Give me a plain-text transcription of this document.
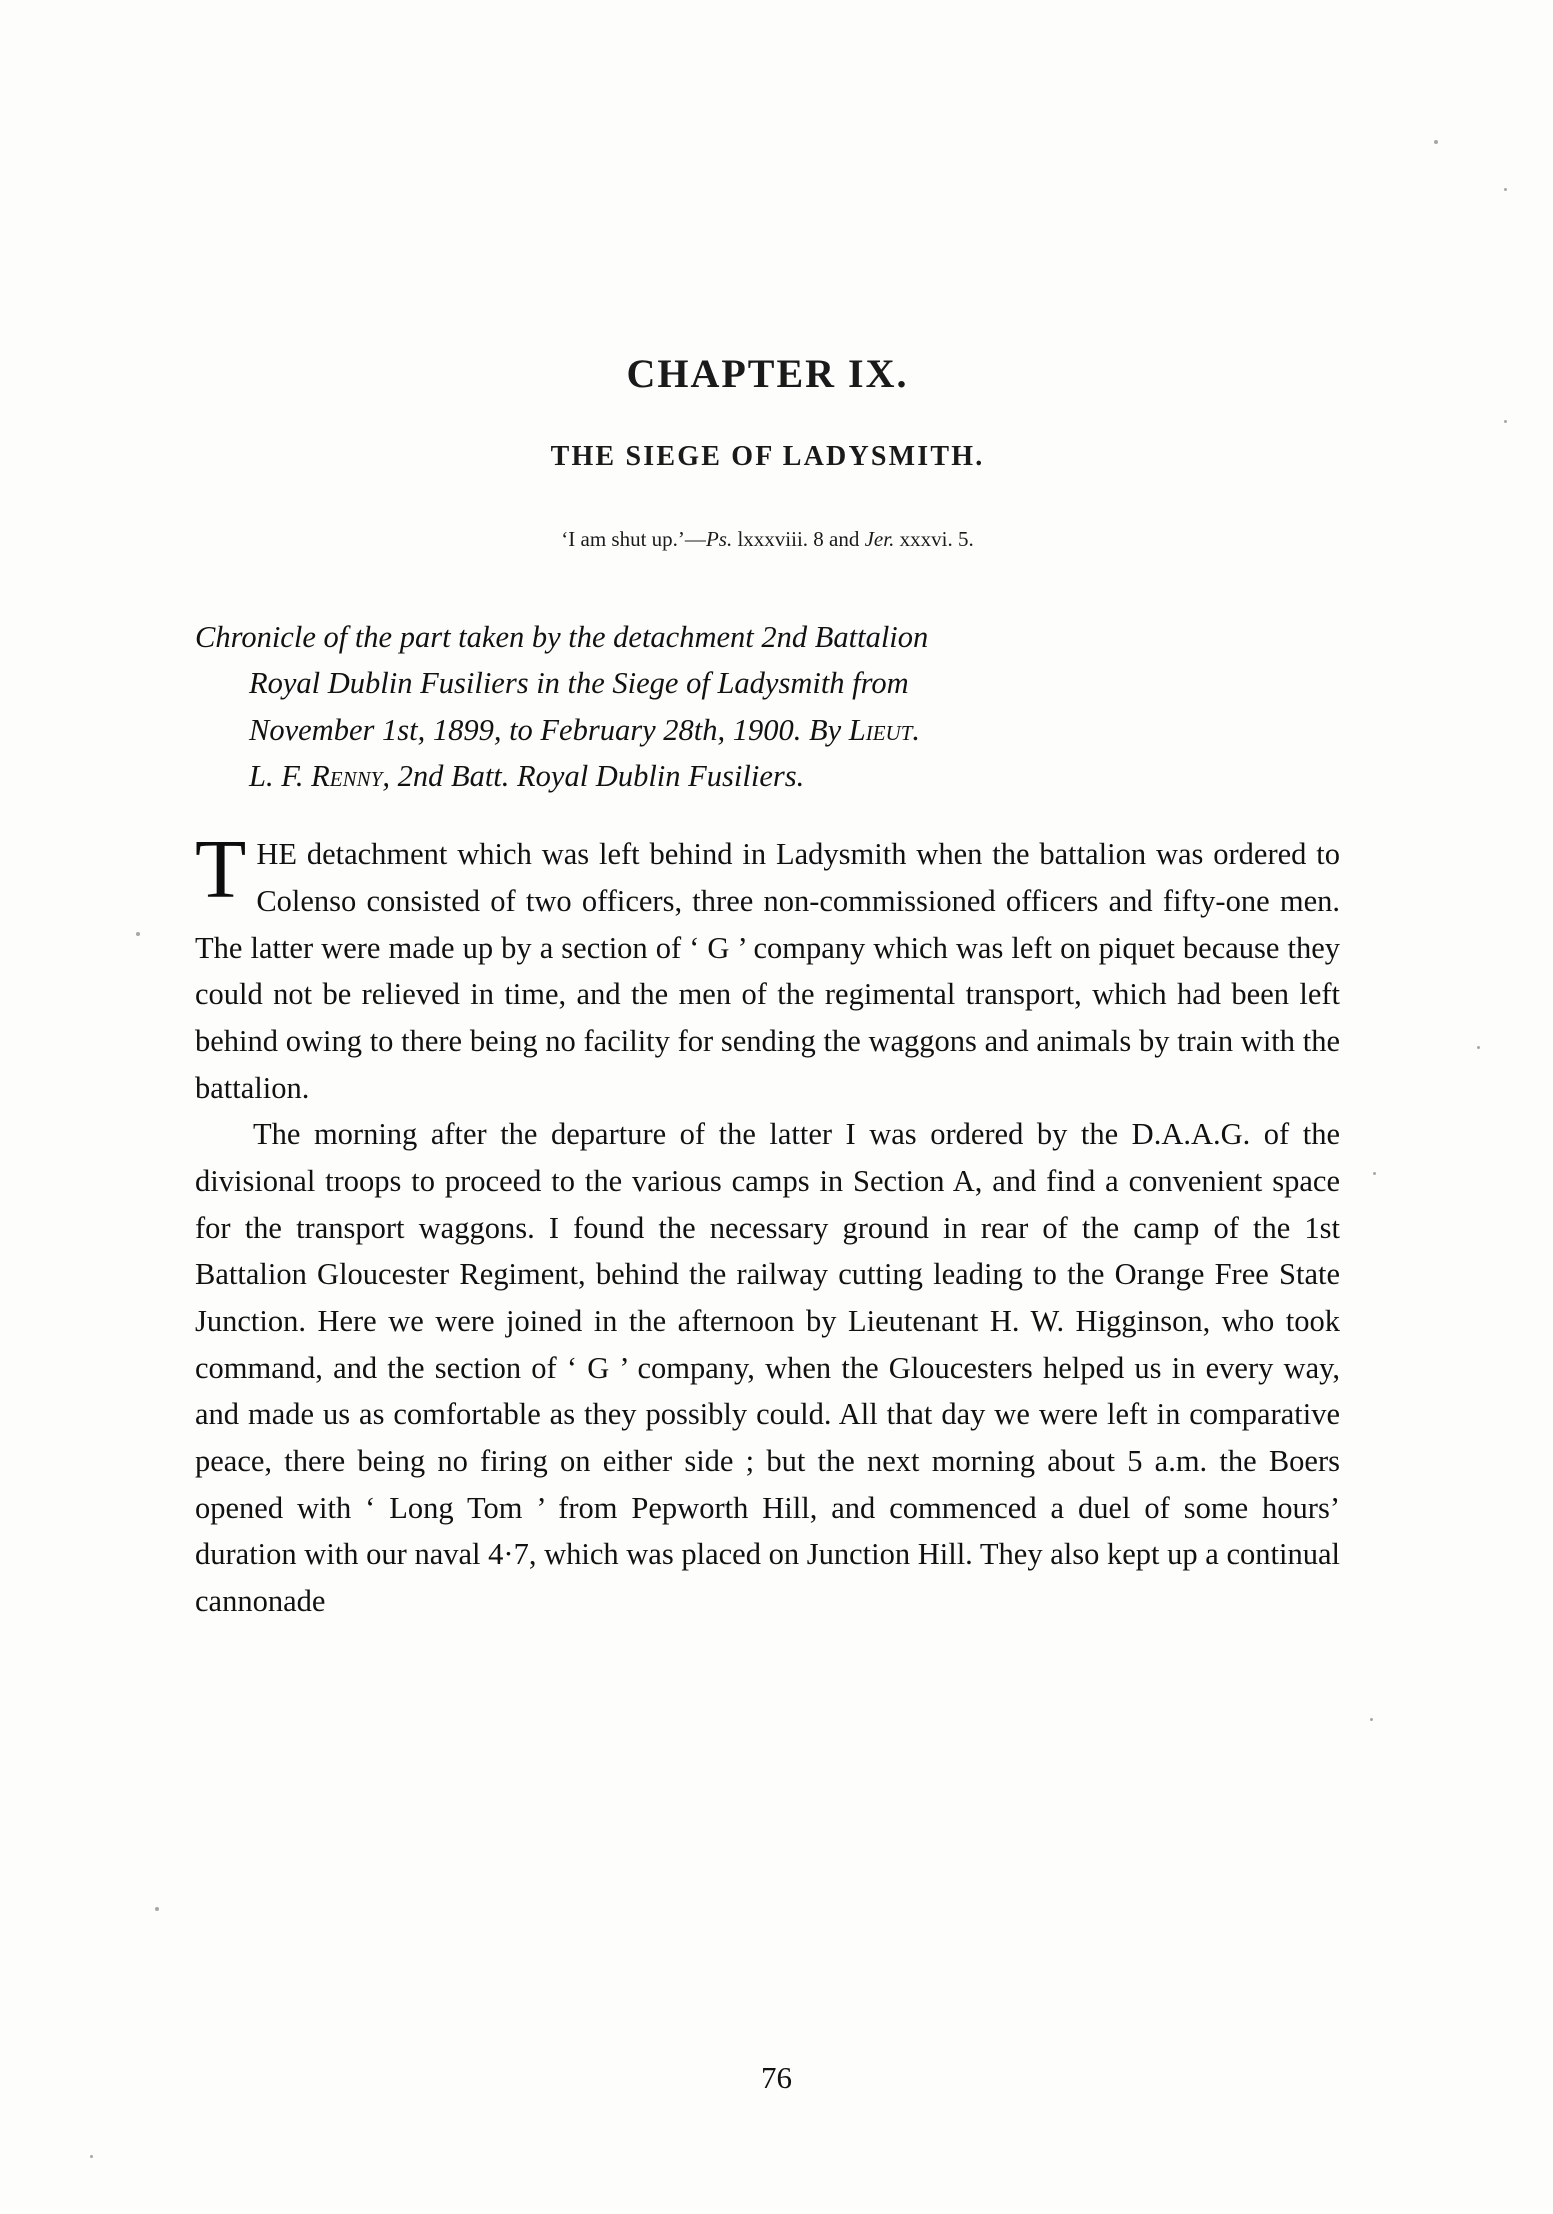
CHAPTER IX.
THE SIEGE OF LADYSMITH.

‘I am shut up.’—Ps. lxxxviii. 8 and Jer. xxxvi. 5.

Chronicle of the part taken by the detachment 2nd Battalion
Royal Dublin Fusiliers in the Siege of Ladysmith from
November 1st, 1899, to February 28th, 1900. By Lieut.
L. F. Renny, 2nd Batt. Royal Dublin Fusiliers.

THE detachment which was left behind in Ladysmith when the battalion was ordered to Colenso consisted of two officers, three non-commissioned officers and fifty-one men. The latter were made up by a section of ‘ G ’ company which was left on piquet because they could not be relieved in time, and the men of the regimental transport, which had been left behind owing to there being no facility for sending the waggons and animals by train with the battalion.

The morning after the departure of the latter I was ordered by the D.A.A.G. of the divisional troops to proceed to the various camps in Section A, and find a convenient space for the transport waggons. I found the necessary ground in rear of the camp of the 1st Battalion Gloucester Regiment, behind the railway cutting leading to the Orange Free State Junction. Here we were joined in the afternoon by Lieutenant H. W. Higginson, who took command, and the section of ‘ G ’ company, when the Gloucesters helped us in every way, and made us as comfortable as they possibly could. All that day we were left in comparative peace, there being no firing on either side ; but the next morning about 5 a.m. the Boers opened with ‘ Long Tom ’ from Pepworth Hill, and commenced a duel of some hours’ duration with our naval 4·7, which was placed on Junction Hill. They also kept up a continual cannonade

76
